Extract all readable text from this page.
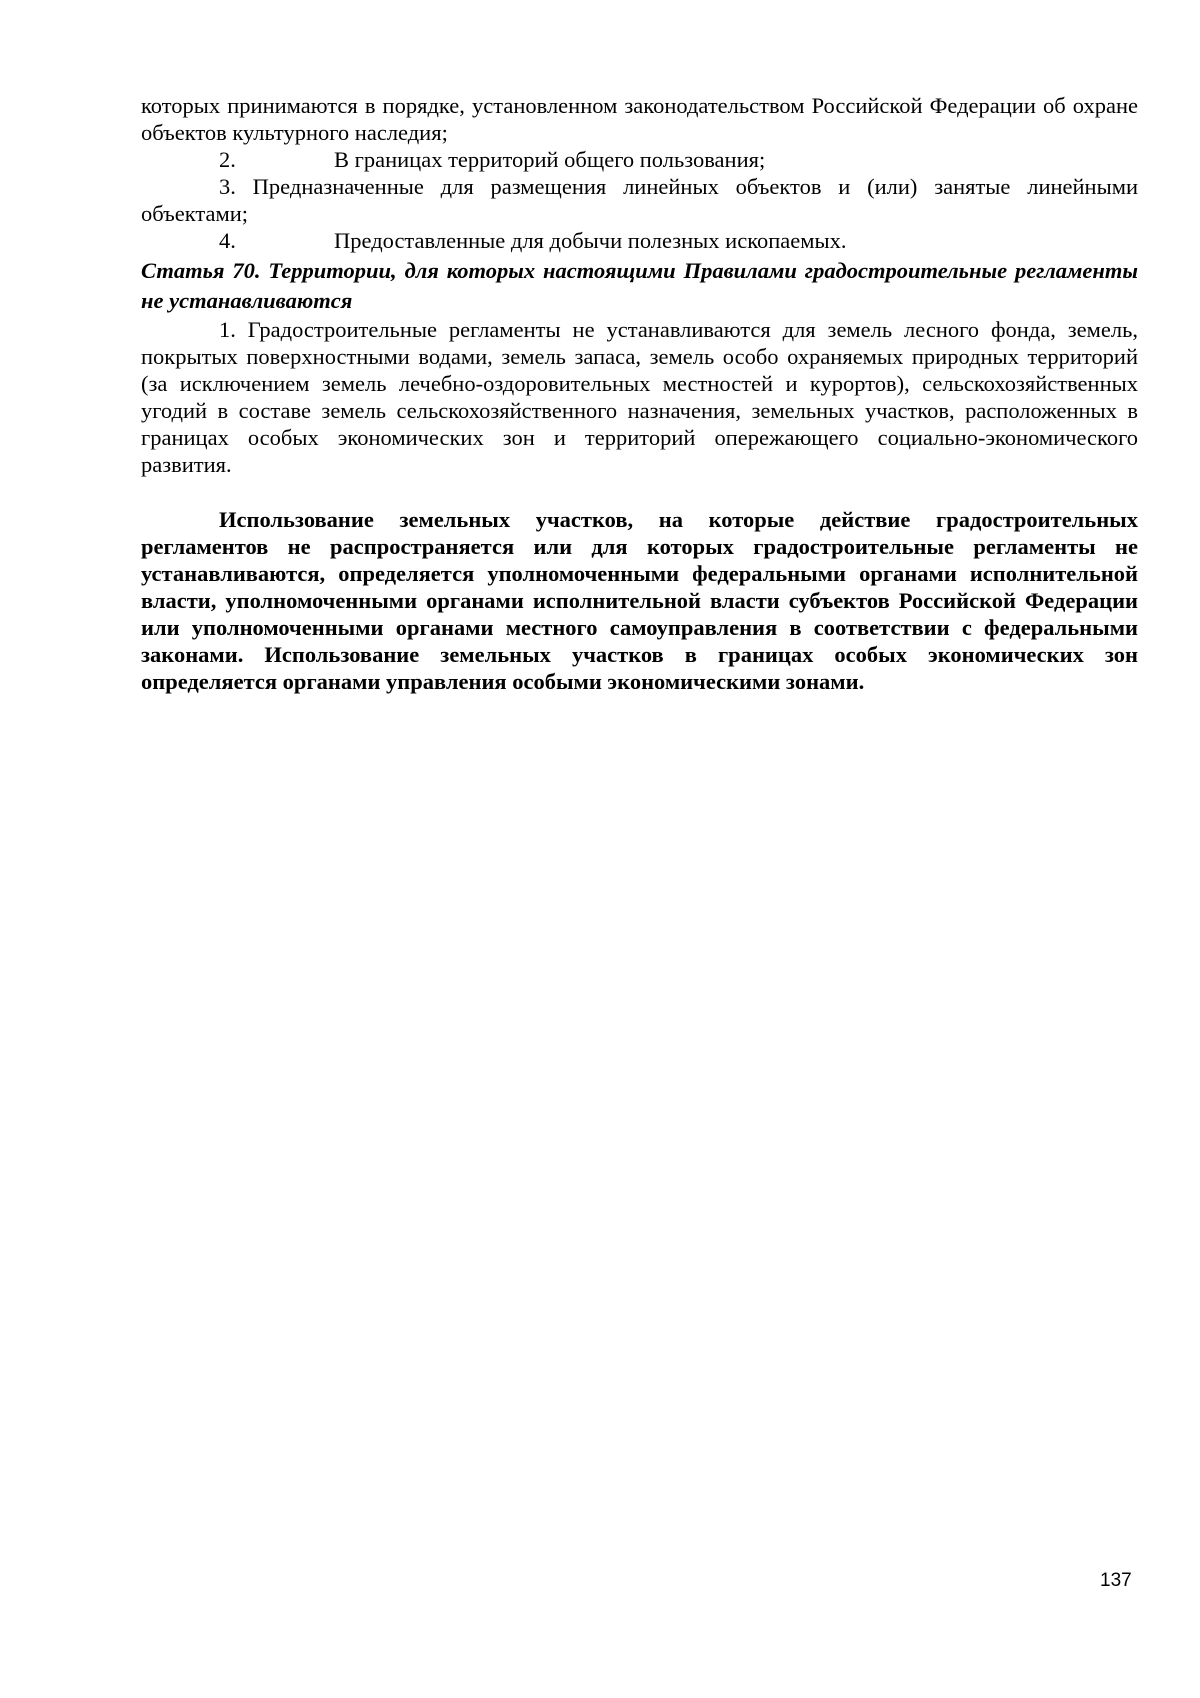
которых принимаются в порядке, установленном законодательством Российской Федерации об охране объектов культурного наследия;

2.	В границах территорий общего пользования;

3. Предназначенные для размещения линейных объектов и (или) занятые линейными объектами;

4.	Предоставленные для добычи полезных ископаемых.

Статья 70. Территории, для которых настоящими Правилами градостроительные регламенты не устанавливаются

1. Градостроительные регламенты не устанавливаются для земель лесного фонда, земель, покрытых поверхностными водами, земель запаса, земель особо охраняемых природных территорий (за исключением земель лечебно-оздоровительных местностей и курортов), сельскохозяйственных угодий в составе земель сельскохозяйственного назначения, земельных участков, расположенных в границах особых экономических зон и территорий опережающего социально-экономического развития.

Использование земельных участков, на которые действие градостроительных регламентов не распространяется или для которых градостроительные регламенты не устанавливаются, определяется уполномоченными федеральными органами исполнительной власти, уполномоченными органами исполнительной власти субъектов Российской Федерации или уполномоченными органами местного самоуправления в соответствии с федеральными законами. Использование земельных участков в границах особых экономических зон определяется органами управления особыми экономическими зонами.

137
